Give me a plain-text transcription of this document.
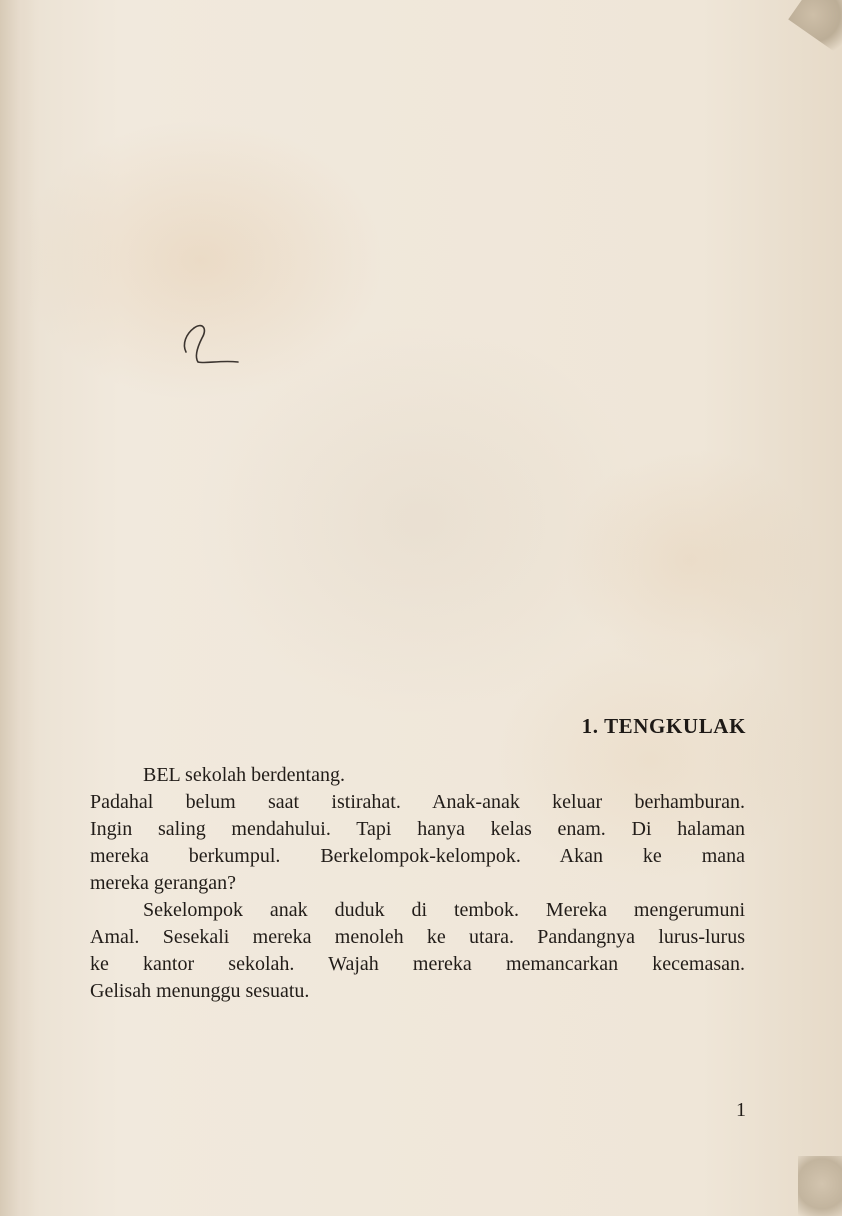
1. TENGKULAK

BEL sekolah berdentang.

Padahal belum saat istirahat. Anak-anak keluar berhamburan.
Ingin saling mendahului. Tapi hanya kelas enam. Di halaman
mereka berkumpul. Berkelompok-kelompok. Akan ke mana
mereka gerangan?

Sekelompok anak duduk di tembok. Mereka mengerumuni
Amal. Sesekali mereka menoleh ke utara. Pandangnya lurus-lurus
ke kantor sekolah. Wajah mereka memancarkan kecemasan.
Gelisah menunggu sesuatu.

1
